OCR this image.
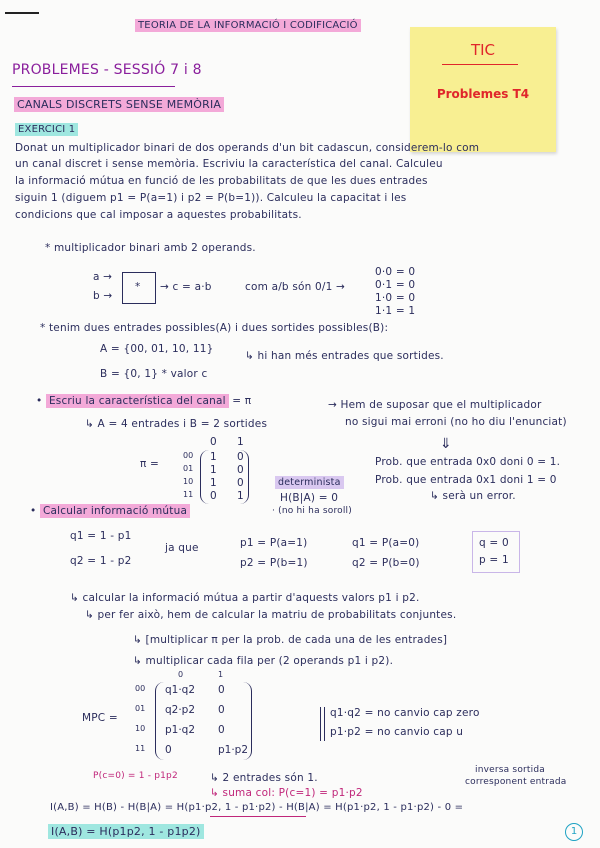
TEORIA DE LA INFORMACIÓ I CODIFICACIÓ
TIC
Problemes T4
PROBLEMES - SESSIÓ 7 i 8
CANALS DISCRETS SENSE MEMÒRIA
EXERCICI 1
Donat un multiplicador binari de dos operands d'un bit cadascun, considerem-lo com
un canal discret i sense memòria. Escriviu la característica del canal. Calculeu
la informació mútua en funció de les probabilitats de que les dues entrades
siguin 1 (diguem p1 = P(a=1) i p2 = P(b=1)). Calculeu la capacitat i les
condicions que cal imposar a aquestes probabilitats.
* multiplicador binari amb 2 operands.
a →
b →
* → c = a·b	com a/b són 0/1 →
0·0 = 0
0·1 = 0
1·0 = 0
1·1 = 1
* tenim dues entrades possibles(A) i dues sortides possibles(B):
A = {00, 01, 10, 11}
↳ hi han més entrades que sortides.
B = {0, 1} * valor c
• Escriu la característica del canal = π
↳ A = 4 entrades i B = 2 sortides
→ Hem de suposar que el multiplicador
no sigui mai erroni (no ho diu l'enunciat)
⇓
Prob. que entrada 0x0 doni 0 = 1.
Prob. que entrada 0x1 doni 1 = 0
↳ serà un error.
π =
0 1
00 1 0
01 1 0
10 1 0
11 0 1
determinista
H(B|A) = 0
· (no hi ha soroll)
• Calcular informació mútua
q1 = 1 - p1
q2 = 1 - p2
ja que	p1 = P(a=1)
p2 = P(b=1)
q1 = P(a=0)
q2 = P(b=0)
q = 0
p = 1
↳ calcular la informació mútua a partir d'aquests valors p1 i p2.
↳ per fer això, hem de calcular la matriu de probabilitats conjuntes.
↳ [multiplicar π per la prob. de cada una de les entrades]
↳ multiplicar cada fila per (2 operands p1 i p2).
MPC =
0	1
00 q1·q2 0
01 q2·p2 0
10 p1·q2 0
11 0	p1·p2
q1·q2 = no canvio cap zero
p1·p2 = no canvio cap u
P(c=0) = 1 - p1p2	↳ 2 entrades són 1.
↳ suma col: P(c=1) = p1·p2
inversa sortida
corresponent entrada
I(A,B) = H(B) - H(B|A) = H(p1·p2, 1 - p1·p2) - H(B|A) = H(p1·p2, 1 - p1·p2) - 0 =
I(A,B) = H(p1p2, 1 - p1p2)	1
